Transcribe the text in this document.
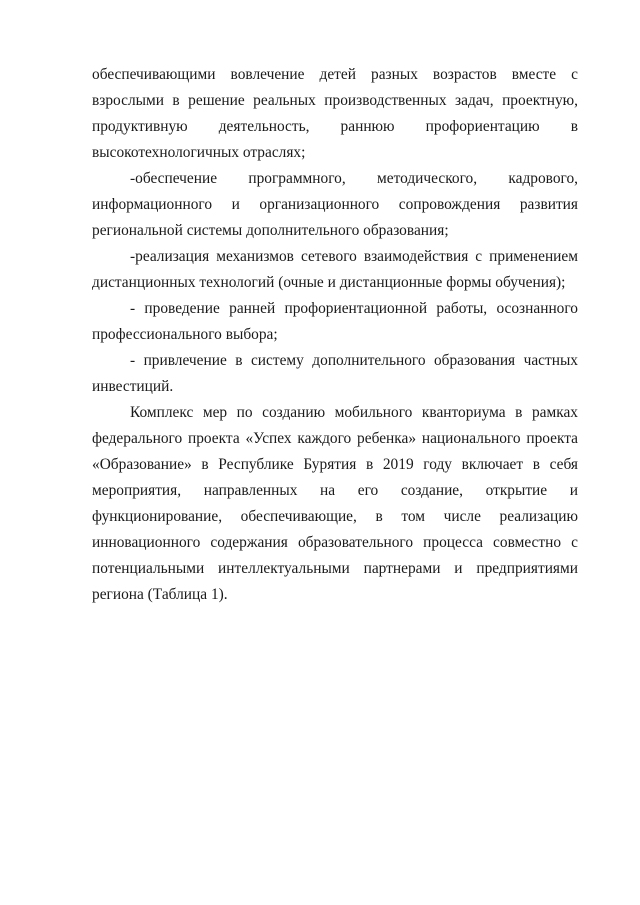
обеспечивающими вовлечение детей разных возрастов вместе с взрослыми в решение реальных производственных задач, проектную, продуктивную деятельность, раннюю профориентацию в высокотехнологичных отраслях;

-обеспечение программного, методического, кадрового, информационного и организационного сопровождения развития региональной системы дополнительного образования;

-реализация механизмов сетевого взаимодействия с применением дистанционных технологий (очные и дистанционные формы обучения);

- проведение ранней профориентационной работы, осознанного профессионального выбора;

- привлечение в систему дополнительного образования частных инвестиций.

Комплекс мер по созданию мобильного кванториума в рамках федерального проекта «Успех каждого ребенка» национального проекта «Образование» в Республике Бурятия в 2019 году включает в себя мероприятия, направленных на его создание, открытие и функционирование, обеспечивающие, в том числе реализацию инновационного содержания образовательного процесса совместно с потенциальными интеллектуальными партнерами и предприятиями региона (Таблица 1).
